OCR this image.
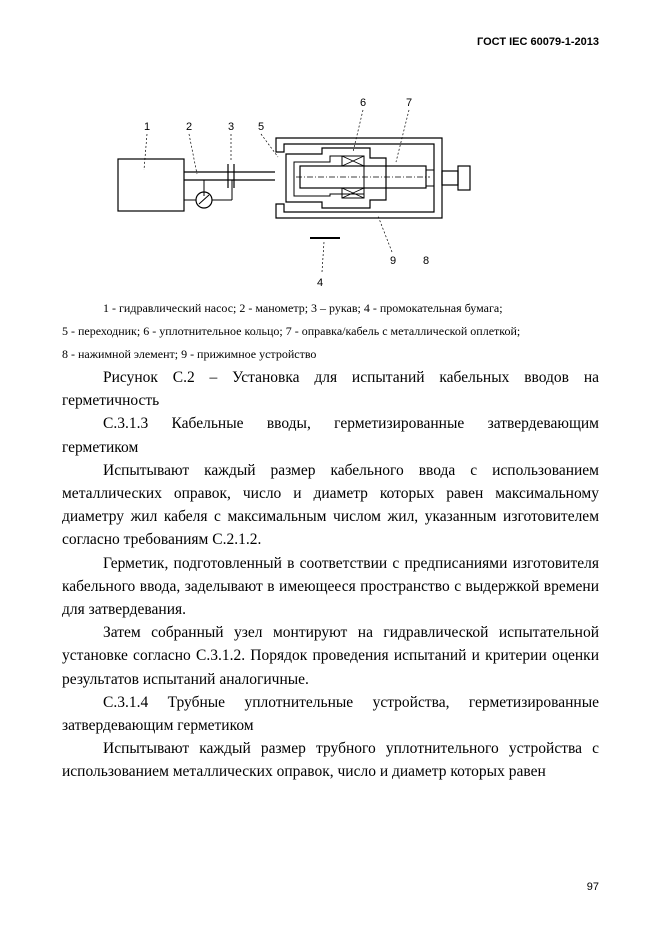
ГОСТ IEC 60079-1-2013
1	2	3 5
6	7
4
9 8
1 - гидравлический насос; 2 - манометр; 3 – рукав; 4 - промокательная бумага;
5 - переходник; 6 - уплотнительное кольцо; 7 - оправка/кабель с металлической оплеткой;
8 - нажимной элемент; 9 - прижимное устройство

Рисунок С.2 – Установка для испытаний кабельных вводов на герметичность

С.3.1.3 Кабельные вводы, герметизированные затвердевающим герметиком

Испытывают каждый размер кабельного ввода с использованием металлических оправок, число и диаметр которых равен максимальному диаметру жил кабеля с максимальным числом жил, указанным изготовителем согласно требованиям С.2.1.2.

Герметик, подготовленный в соответствии с предписаниями изготовителя кабельного ввода, заделывают в имеющееся пространство с выдержкой времени для затвердевания.

Затем собранный узел монтируют на гидравлической испытательной установке согласно С.3.1.2. Порядок проведения испытаний и критерии оценки результатов испытаний аналогичные.

С.3.1.4 Трубные уплотнительные устройства, герметизированные затвердевающим герметиком

Испытывают каждый размер трубного уплотнительного устройства с использованием металлических оправок, число и диаметр которых равен

97
